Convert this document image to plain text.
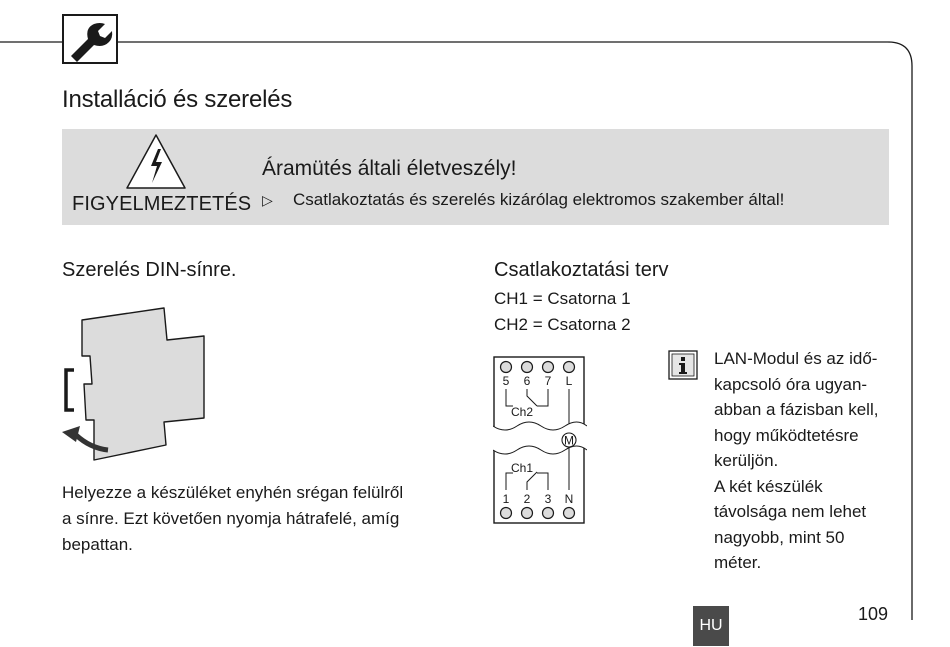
Installáció és szerelés
FIGYELMEZTETÉS
Áramütés általi életveszély!
▷ Csatlakoztatás és szerelés kizárólag elektromos szakember által!
Szerelés DIN-sínre.
Helyezze a készüléket enyhén srégan felülről
a sínre. Ezt követően nyomja hátrafelé, amíg
bepattan.
Csatlakoztatási terv
CH1 = Csatorna 1
CH2 = Csatorna 2
5 6 7 L
Ch2
M
Ch1
1 2 3 N
LAN-Modul és az idő-
kapcsoló óra ugyan-
abban a fázisban kell,
hogy működtetésre
kerüljön.
A két készülék
távolsága nem lehet
nagyobb, mint 50
méter.
HU
109
